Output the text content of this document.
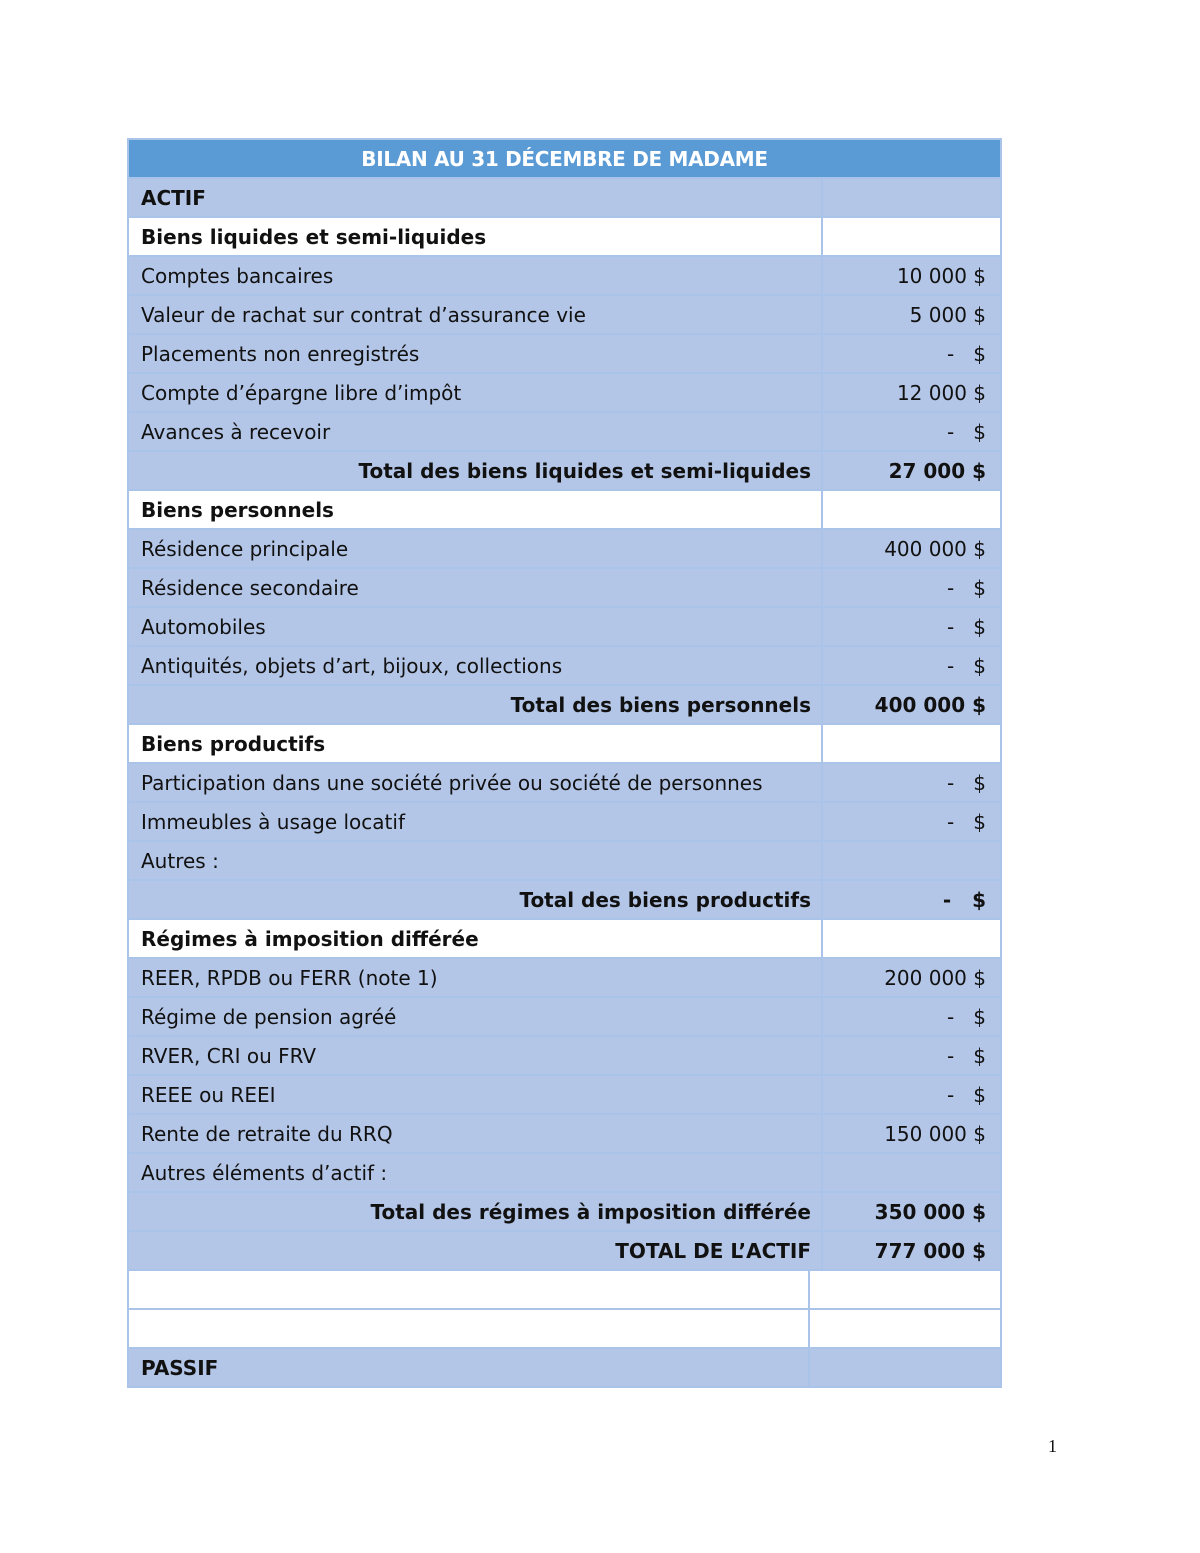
BILAN AU 31 DÉCEMBRE DE MADAME
ACTIF
Biens liquides et semi-liquides
Comptes bancaires	10 000 $
Valeur de rachat sur contrat d’assurance vie	5 000 $
Placements non enregistrés	-   $
Compte d’épargne libre d’impôt	12 000 $
Avances à recevoir	-   $
Total des biens liquides et semi-liquides	27 000 $
Biens personnels
Résidence principale	400 000 $
Résidence secondaire	-   $
Automobiles	-   $
Antiquités, objets d’art, bijoux, collections	-   $
Total des biens personnels	400 000 $
Biens productifs
Participation dans une société privée ou société de personnes	-   $
Immeubles à usage locatif	-   $
Autres :
Total des biens productifs	-   $
Régimes à imposition différée
REER, RPDB ou FERR (note 1)	200 000 $
Régime de pension agréé	-   $
RVER, CRI ou FRV	-   $
REEE ou REEI	-   $
Rente de retraite du RRQ	150 000 $
Autres éléments d’actif :
Total des régimes à imposition différée	350 000 $
TOTAL DE L’ACTIF	777 000 $
PASSIF
1
